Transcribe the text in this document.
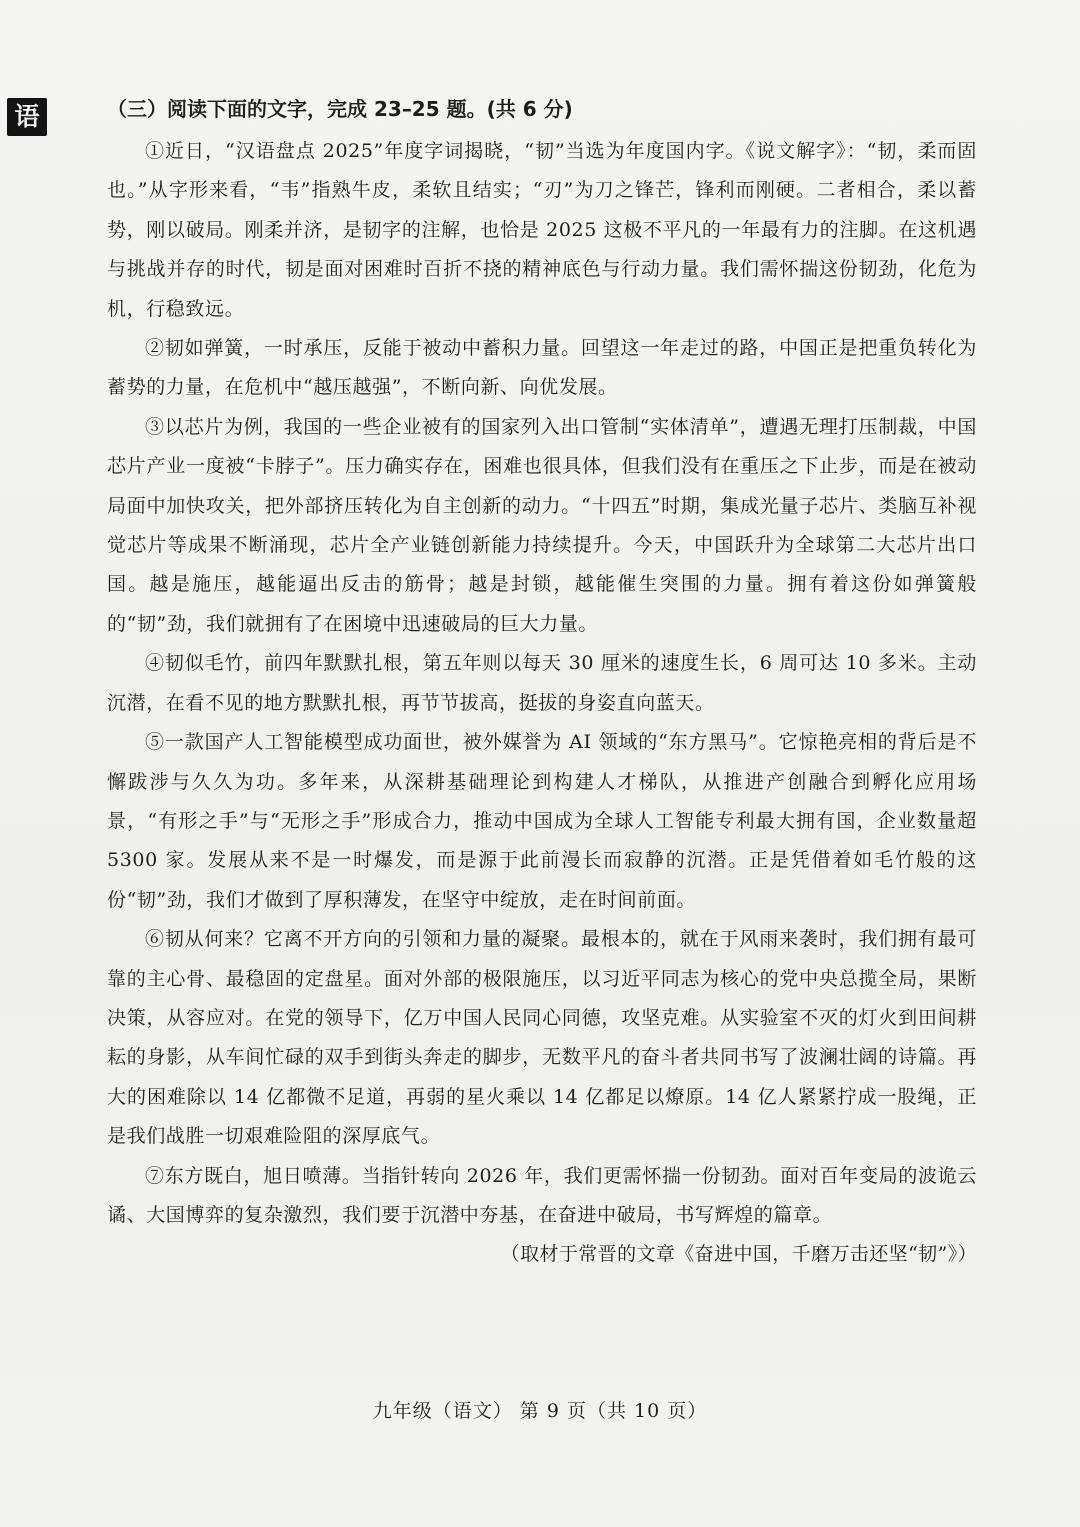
语	（三）阅读下面的文字，完成 23–25 题。(共 6 分)

①近日，“汉语盘点 2025”年度字词揭晓，“韧”当选为年度国内字。《说文解字》：“韧，柔而固也。”从字形来看，“韦”指熟牛皮，柔软且结实；“刃”为刀之锋芒，锋利而刚硬。二者相合，柔以蓄势，刚以破局。刚柔并济，是韧字的注解，也恰是 2025 这极不平凡的一年最有力的注脚。在这机遇与挑战并存的时代，韧是面对困难时百折不挠的精神底色与行动力量。我们需怀揣这份韧劲，化危为机，行稳致远。

②韧如弹簧，一时承压，反能于被动中蓄积力量。回望这一年走过的路，中国正是把重负转化为蓄势的力量，在危机中“越压越强”，不断向新、向优发展。

③以芯片为例，我国的一些企业被有的国家列入出口管制“实体清单”，遭遇无理打压制裁，中国芯片产业一度被“卡脖子”。压力确实存在，困难也很具体，但我们没有在重压之下止步，而是在被动局面中加快攻关，把外部挤压转化为自主创新的动力。“十四五”时期，集成光量子芯片、类脑互补视觉芯片等成果不断涌现，芯片全产业链创新能力持续提升。今天，中国跃升为全球第二大芯片出口国。越是施压，越能逼出反击的筋骨；越是封锁，越能催生突围的力量。拥有着这份如弹簧般的“韧”劲，我们就拥有了在困境中迅速破局的巨大力量。

④韧似毛竹，前四年默默扎根，第五年则以每天 30 厘米的速度生长，6 周可达 10 多米。主动沉潜，在看不见的地方默默扎根，再节节拔高，挺拔的身姿直向蓝天。

⑤一款国产人工智能模型成功面世，被外媒誉为 AI 领域的“东方黑马”。它惊艳亮相的背后是不懈跋涉与久久为功。多年来，从深耕基础理论到构建人才梯队，从推进产创融合到孵化应用场景，“有形之手”与“无形之手”形成合力，推动中国成为全球人工智能专利最大拥有国，企业数量超 5300 家。发展从来不是一时爆发，而是源于此前漫长而寂静的沉潜。正是凭借着如毛竹般的这份“韧”劲，我们才做到了厚积薄发，在坚守中绽放，走在时间前面。

⑥韧从何来？它离不开方向的引领和力量的凝聚。最根本的，就在于风雨来袭时，我们拥有最可靠的主心骨、最稳固的定盘星。面对外部的极限施压，以习近平同志为核心的党中央总揽全局，果断决策，从容应对。在党的领导下，亿万中国人民同心同德，攻坚克难。从实验室不灭的灯火到田间耕耘的身影，从车间忙碌的双手到街头奔走的脚步，无数平凡的奋斗者共同书写了波澜壮阔的诗篇。再大的困难除以 14 亿都微不足道，再弱的星火乘以 14 亿都足以燎原。14 亿人紧紧拧成一股绳，正是我们战胜一切艰难险阻的深厚底气。

⑦东方既白，旭日喷薄。当指针转向 2026 年，我们更需怀揣一份韧劲。面对百年变局的波诡云谲、大国博弈的复杂激烈，我们要于沉潜中夯基，在奋进中破局，书写辉煌的篇章。

（取材于常晋的文章《奋进中国，千磨万击还坚“韧”》）

九年级（语文） 第 9 页（共 10 页）
